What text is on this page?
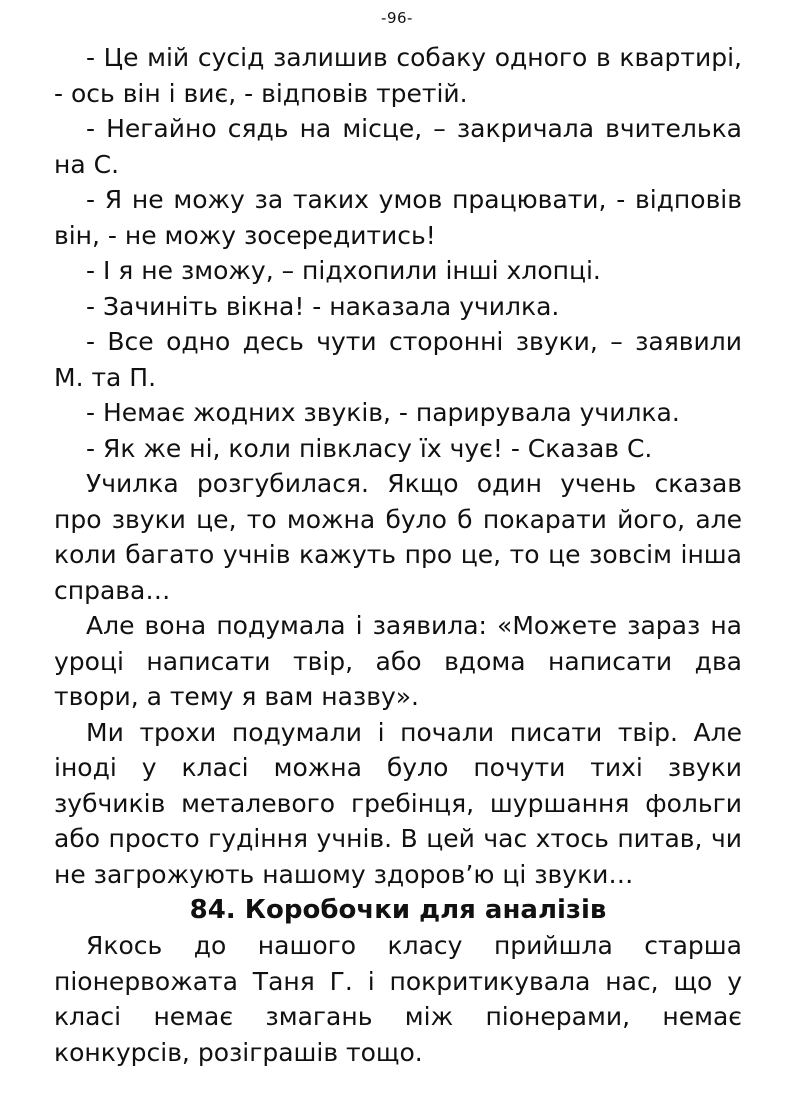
-96-

- Це мій сусід залишив собаку одного в квартирі, - ось він і виє, - відповів третій.

- Негайно сядь на місце, – закричала вчителька на С.

- Я не можу за таких умов працювати, - відповів він, - не можу зосередитись!

- І я не зможу, – підхопили інші хлопці.

- Зачиніть вікна! - наказала училка.

- Все одно десь чути сторонні звуки, – заявили М. та П.

- Немає жодних звуків, - парирувала училка.

- Як же ні, коли півкласу їх чує! - Сказав С.

Училка розгубилася. Якщо один учень сказав про звуки це, то можна було б покарати його, але коли багато учнів кажуть про це, то це зовсім інша справа…

Але вона подумала і заявила: «Можете зараз на уроці написати твір, або вдома написати два твори, а тему я вам назву».

Ми трохи подумали і почали писати твір. Але іноді у класі можна було почути тихі звуки зубчиків металевого гребінця, шуршання фольги або просто гудіння учнів. В цей час хтось питав, чи не загрожують нашому здоров’ю ці звуки…

84. Коробочки для аналізів

Якось до нашого класу прийшла старша піонервожата Таня Г. і покритикувала нас, що у класі немає змагань між піонерами, немає конкурсів, розіграшів тощо.
